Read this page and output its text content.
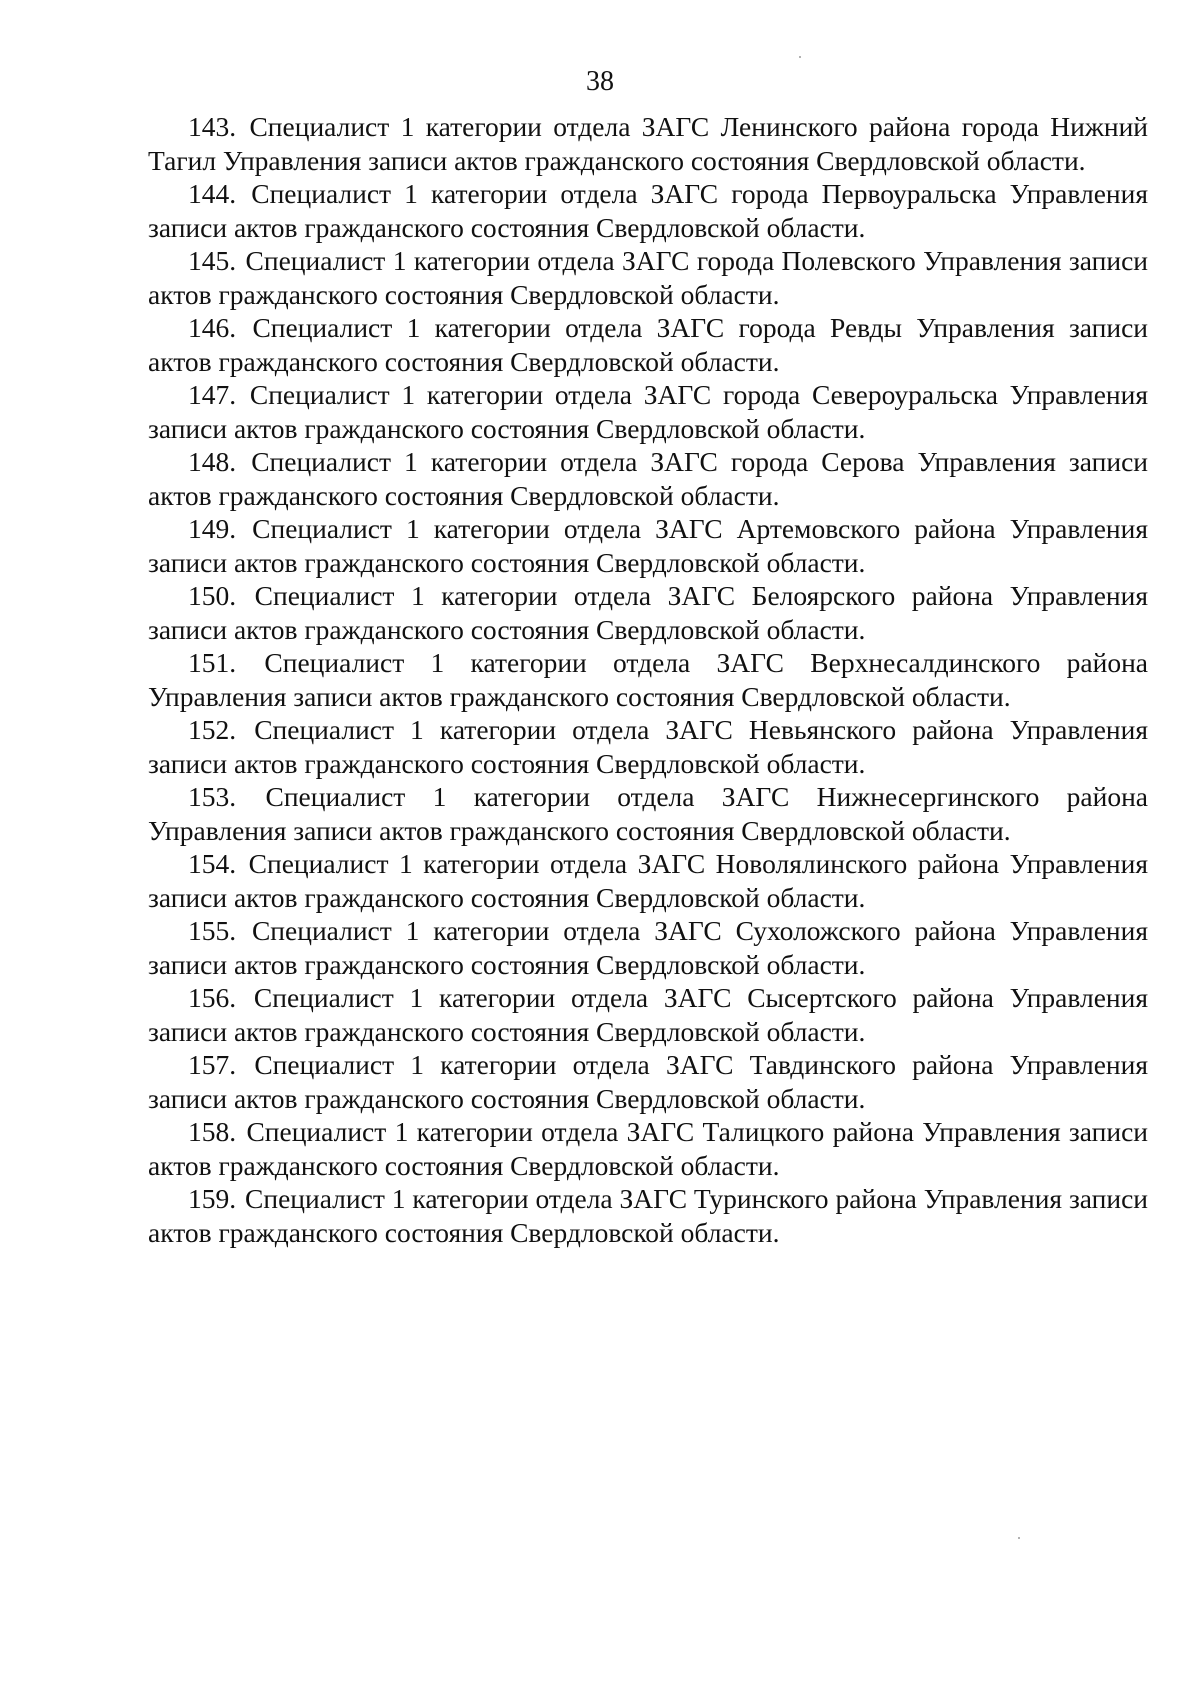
38

143. Специалист 1 категории отдела ЗАГС Ленинского района города Нижний Тагил Управления записи актов гражданского состояния Свердловской области.

144. Специалист 1 категории отдела ЗАГС города Первоуральска Управления записи актов гражданского состояния Свердловской области.

145. Специалист 1 категории отдела ЗАГС города Полевского Управления записи актов гражданского состояния Свердловской области.

146. Специалист 1 категории отдела ЗАГС города Ревды Управления записи актов гражданского состояния Свердловской области.

147. Специалист 1 категории отдела ЗАГС города Североуральска Управления записи актов гражданского состояния Свердловской области.

148. Специалист 1 категории отдела ЗАГС города Серова Управления записи актов гражданского состояния Свердловской области.

149. Специалист 1 категории отдела ЗАГС Артемовского района Управления записи актов гражданского состояния Свердловской области.

150. Специалист 1 категории отдела ЗАГС Белоярского района Управления записи актов гражданского состояния Свердловской области.

151. Специалист 1 категории отдела ЗАГС Верхнесалдинского района Управления записи актов гражданского состояния Свердловской области.

152. Специалист 1 категории отдела ЗАГС Невьянского района Управления записи актов гражданского состояния Свердловской области.

153. Специалист 1 категории отдела ЗАГС Нижнесергинского района Управления записи актов гражданского состояния Свердловской области.

154. Специалист 1 категории отдела ЗАГС Новолялинского района Управления записи актов гражданского состояния Свердловской области.

155. Специалист 1 категории отдела ЗАГС Сухоложского района Управления записи актов гражданского состояния Свердловской области.

156. Специалист 1 категории отдела ЗАГС Сысертского района Управления записи актов гражданского состояния Свердловской области.

157. Специалист 1 категории отдела ЗАГС Тавдинского района Управления записи актов гражданского состояния Свердловской области.

158. Специалист 1 категории отдела ЗАГС Талицкого района Управления записи актов гражданского состояния Свердловской области.

159. Специалист 1 категории отдела ЗАГС Туринского района Управления записи актов гражданского состояния Свердловской области.
